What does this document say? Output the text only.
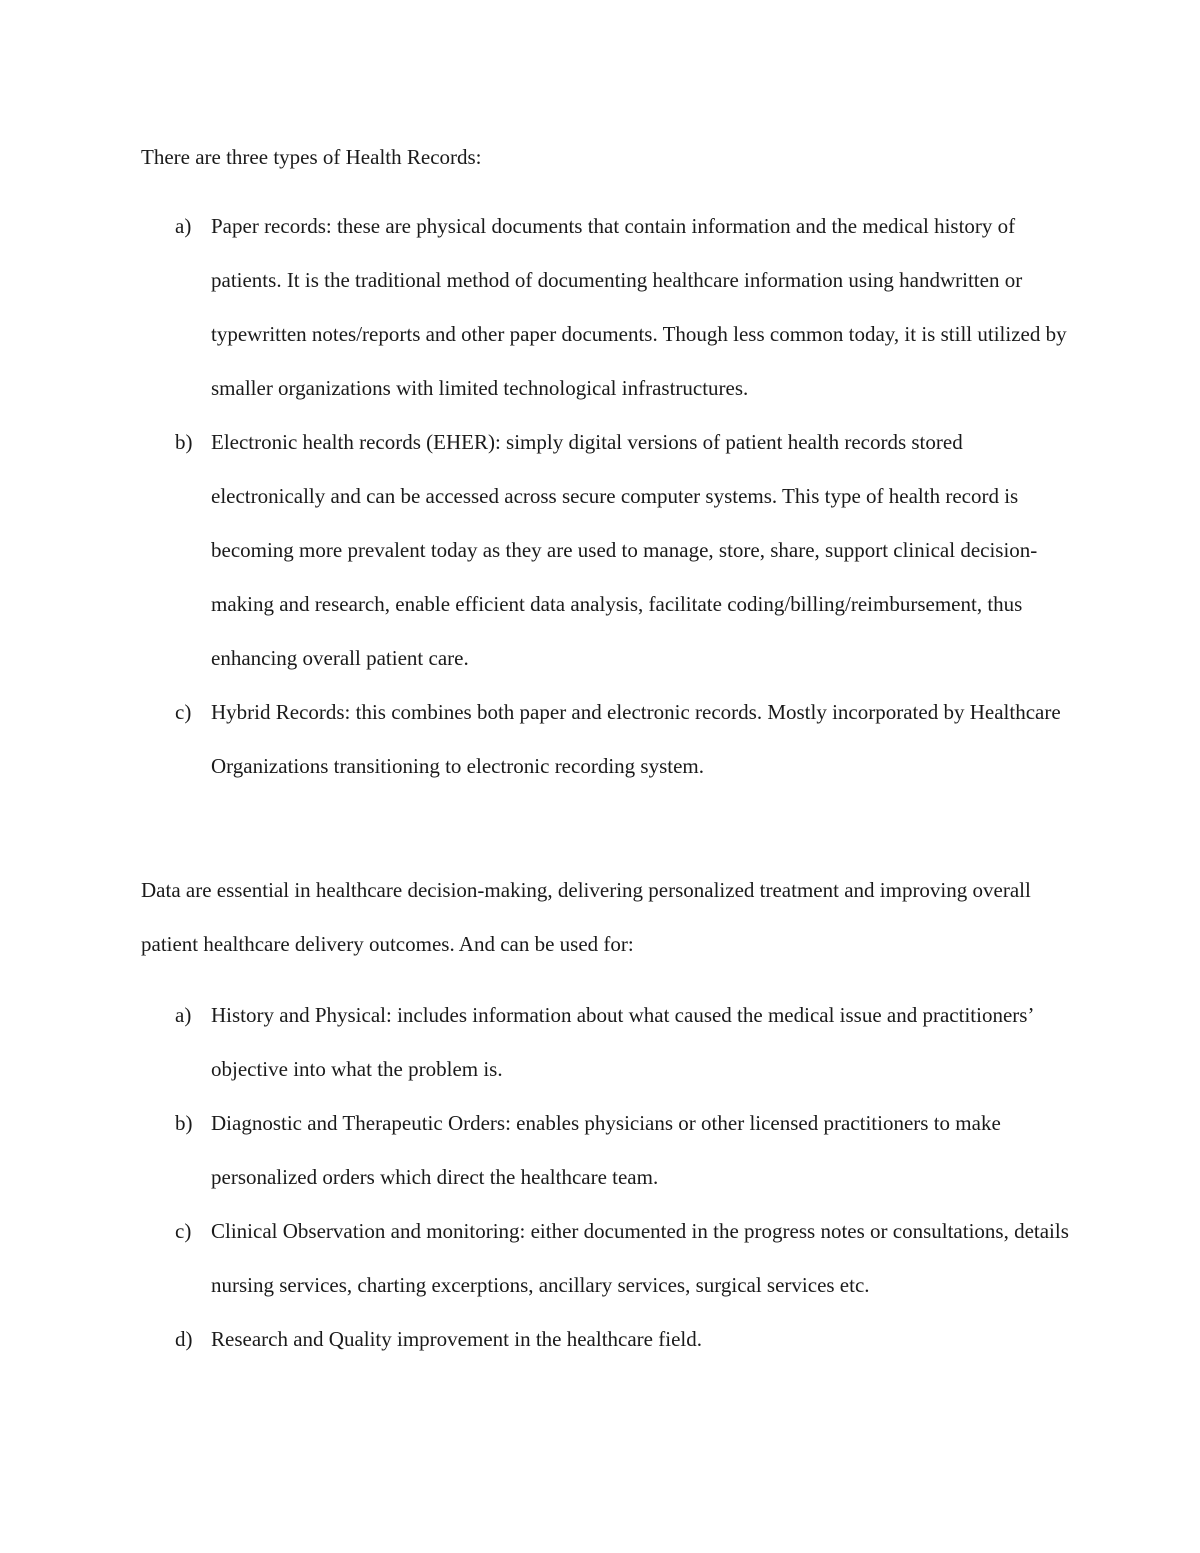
There are three types of Health Records:

a) Paper records: these are physical documents that contain information and the medical history of patients. It is the traditional method of documenting healthcare information using handwritten or typewritten notes/reports and other paper documents. Though less common today, it is still utilized by smaller organizations with limited technological infrastructures.
b) Electronic health records (EHER): simply digital versions of patient health records stored electronically and can be accessed across secure computer systems. This type of health record is becoming more prevalent today as they are used to manage, store, share, support clinical decision-making and research, enable efficient data analysis, facilitate coding/billing/reimbursement, thus enhancing overall patient care.
c) Hybrid Records: this combines both paper and electronic records. Mostly incorporated by Healthcare Organizations transitioning to electronic recording system.

Data are essential in healthcare decision-making, delivering personalized treatment and improving overall patient healthcare delivery outcomes. And can be used for:

a) History and Physical: includes information about what caused the medical issue and practitioners’ objective into what the problem is.
b) Diagnostic and Therapeutic Orders: enables physicians or other licensed practitioners to make personalized orders which direct the healthcare team.
c) Clinical Observation and monitoring: either documented in the progress notes or consultations, details nursing services, charting excerptions, ancillary services, surgical services etc.
d) Research and Quality improvement in the healthcare field.
